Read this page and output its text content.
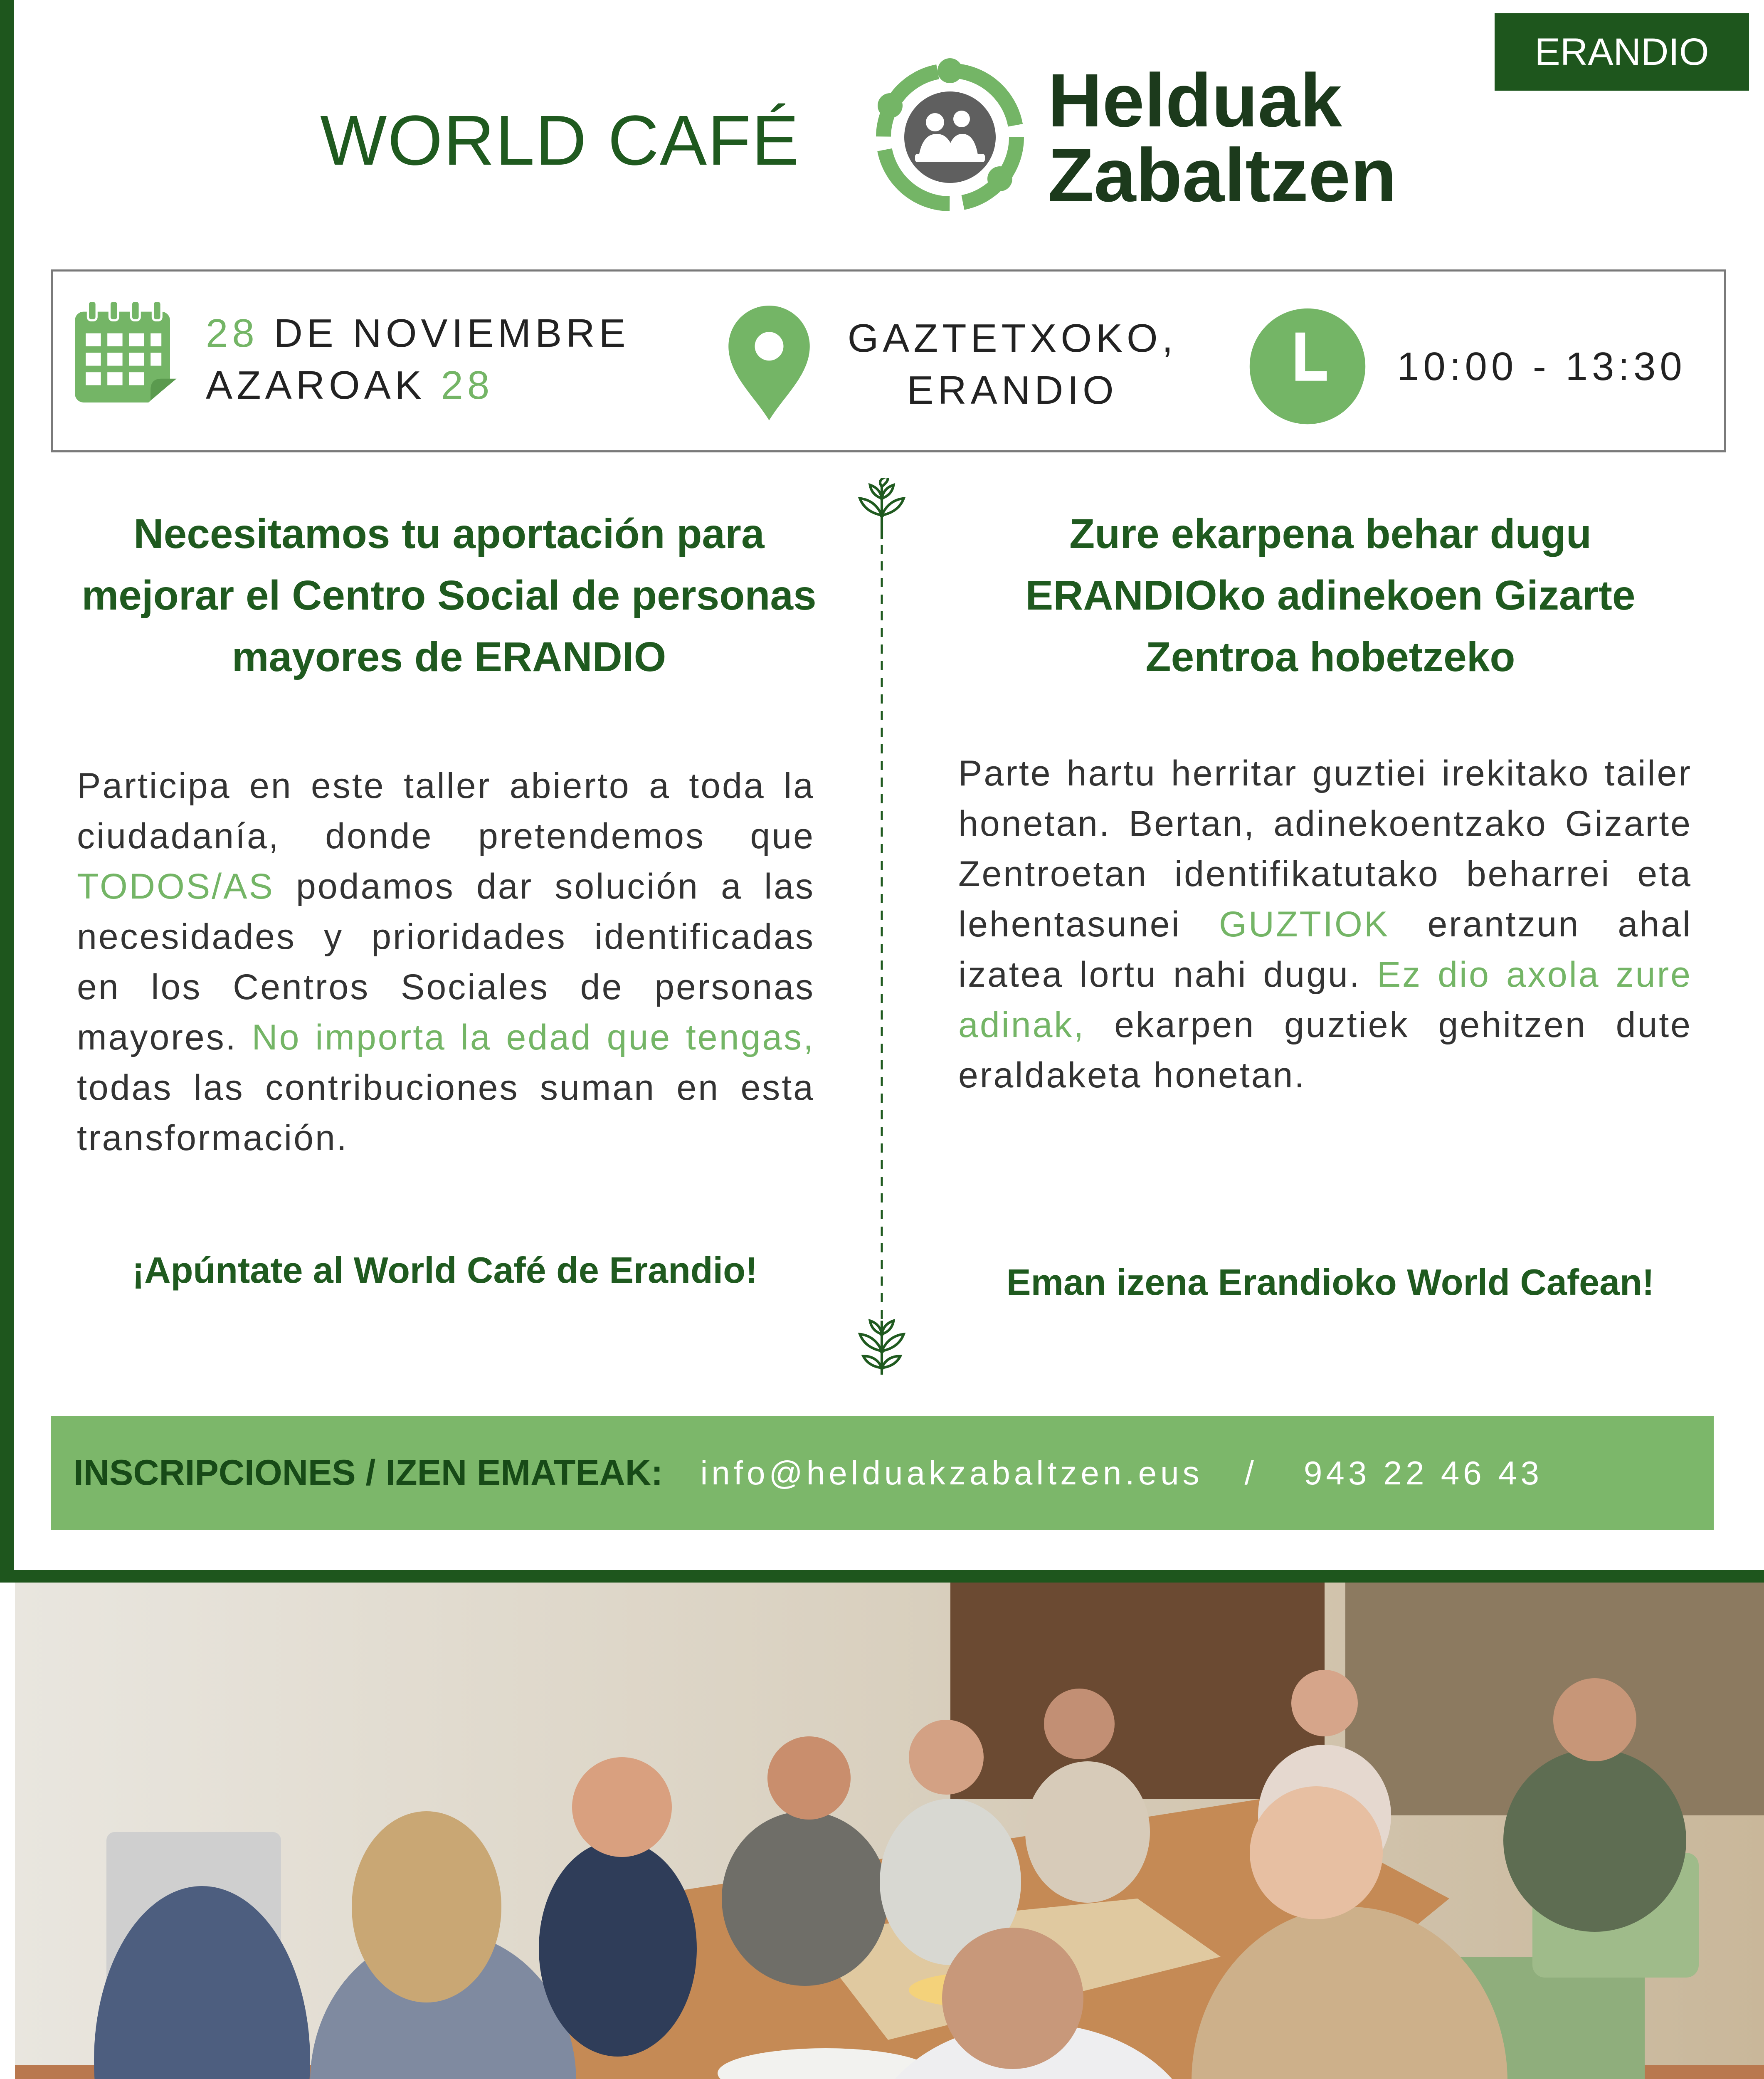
ERANDIO
WORLD CAFÉ	Helduak
Zabaltzen
28 DE NOVIEMBRE
AZAROAK 28
GAZTETXOKO,
ERANDIO
10:00 - 13:30
Necesitamos tu aportación para mejorar el Centro Social de personas mayores de ERANDIO
Participa en este taller abierto a toda la ciudadanía, donde pretendemos que TODOS/AS podamos dar solución a las necesidades y prioridades identificadas en los Centros Sociales de personas mayores. No importa la edad que tengas, todas las contribuciones suman en esta transformación.
¡Apúntate al World Café de Erandio!
Zure ekarpena behar dugu ERANDIOko adinekoen Gizarte Zentroa hobetzeko
Parte hartu herritar guztiei irekitako tailer honetan. Bertan, adinekoentzako Gizarte Zentroetan identifikatutako beharrei eta lehentasunei GUZTIOK erantzun ahal izatea lortu nahi dugu. Ez dio axola zure adinak, ekarpen guztiek gehitzen dute eraldaketa honetan.
Eman izena Erandioko World Cafean!
INSCRIPCIONES / IZEN EMATEAK: info@helduakzabaltzen.eus / 943 22 46 43
